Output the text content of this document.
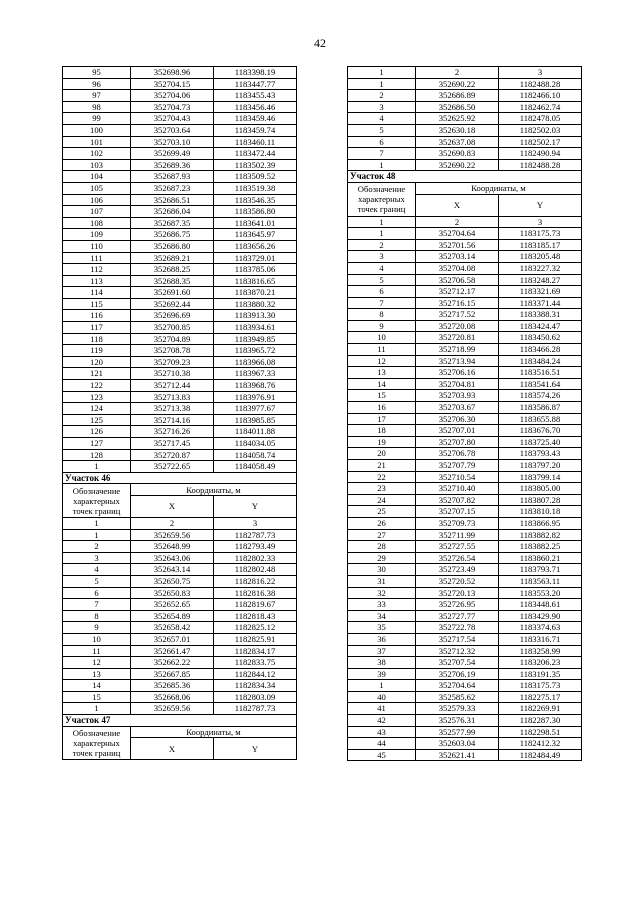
42
95	352698.96	1183398.19
96	352704.15	1183447.77
97	352704.06	1183455.43
98	352704.73	1183456.46
99	352704.43	1183459.46
100	352703.64	1183459.74
101	352703.10	1183460.11
102	352699.49	1183472.44
103	352689.36	1183502.39
104	352687.93	1183509.52
105	352687.23	1183519.38
106	352686.51	1183546.35
107	352686.04	1183586.80
108	352687.35	1183641.01
109	352686.75	1183645.97
110	352686.80	1183656.26
111	352689.21	1183729.01
112	352688.25	1183785.06
113	352688.35	1183816.65
114	352691.60	1183870.21
115	352692.44	1183880.32
116	352696.69	1183913.30
117	352700.85	1183934.61
118	352704.89	1183949.85
119	352708.78	1183965.72
120	352709.23	1183966.08
121	352710.38	1183967.33
122	352712.44	1183968.76
123	352713.83	1183976.91
124	352713.38	1183977.67
125	352714.16	1183985.85
126	352716.26	1184011.88
127	352717.45	1184034.05
128	352720.87	1184058.74
1	352722.65	1184058.49
Участок 46		
Обозначение характерных точек границ	Координаты, м	
	X	Y
1	2	3
1	352659.56	1182787.73
2	352648.99	1182793.49
3	352643.06	1182802.33
4	352643.14	1182802.48
5	352650.75	1182816.22
6	352650.83	1182816.38
7	352652.65	1182819.67
8	352654.89	1182818.43
9	352658.42	1182825.12
10	352657.01	1182825.91
11	352661.47	1182834.17
12	352662.22	1182833.75
13	352667.85	1182844.12
14	352685.36	1182834.34
15	352668.06	1182803.09
1	352659.56	1182787.73
Участок 47		
Обозначение характерных точек границ	Координаты, м	
	X	Y
1	2	3
1	352690.22	1182488.28
2	352686.89	1182466.10
3	352686.50	1182462.74
4	352625.92	1182478.05
5	352630.18	1182502.03
6	352637.08	1182502.17
7	352690.83	1182490.94
1	352690.22	1182488.28
Участок 48		
Обозначение характерных точек границ	Координаты, м	
	X	Y
1	2	3
1	352704.64	1183175.73
2	352701.56	1183185.17
3	352703.14	1183205.48
4	352704.08	1183227.32
5	352706.58	1183248.27
6	352712.17	1183321.69
7	352716.15	1183371.44
8	352717.52	1183388.31
9	352720.08	1183424.47
10	352720.81	1183450.62
11	352718.99	1183466.28
12	352713.94	1183484.24
13	352706.16	1183516.51
14	352704.81	1183541.64
15	352703.93	1183574.26
16	352703.67	1183586.87
17	352706.30	1183655.88
18	352707.01	1183676.70
19	352707.80	1183725.40
20	352706.78	1183793.43
21	352707.79	1183797.20
22	352710.54	1183799.14
23	352710.40	1183805.00
24	352707.82	1183807.28
25	352707.15	1183810.18
26	352709.73	1183866.95
27	352711.99	1183882.82
28	352727.55	1183882.25
29	352726.54	1183860.21
30	352723.49	1183793.71
31	352720.52	1183563.11
32	352720.13	1183553.20
33	352726.95	1183448.61
34	352727.77	1183429.90
35	352722.78	1183374.63
36	352717.54	1183316.71
37	352712.32	1183258.99
38	352707.54	1183206.23
39	352706.19	1183191.35
1	352704.64	1183175.73
40	352585.62	1182275.17
41	352579.33	1182269.91
42	352576.31	1182287.30
43	352577.99	1182298.51
44	352603.04	1182412.32
45	352621.41	1182484.49
